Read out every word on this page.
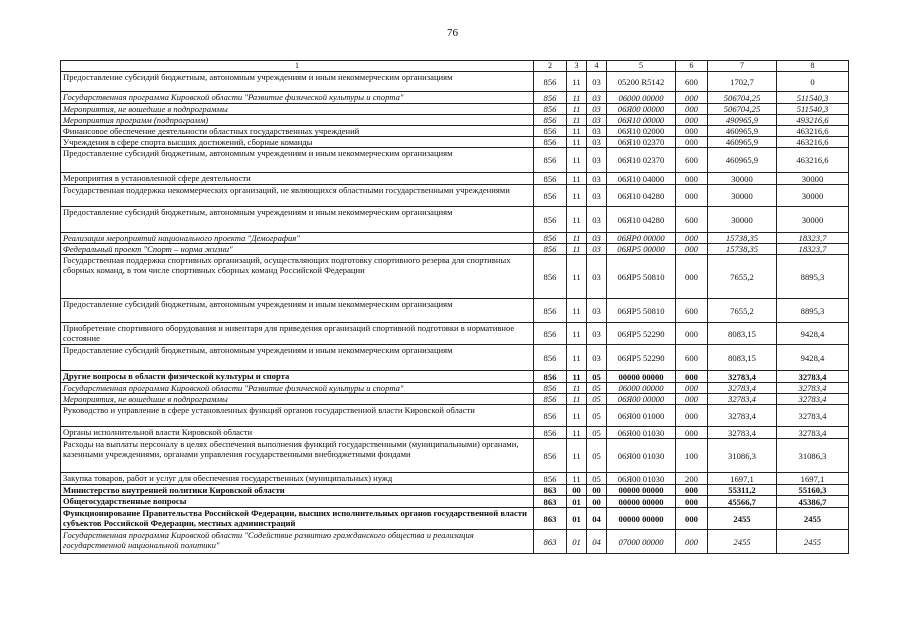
76
1	2	3	4	5	6	7	8
Предоставление субсидий бюджетным, автономным учреждениям и иным некоммерческим организациям	856	11	03	05200 R5142	600	1702,7	0
Государственная программа Кировской области "Развитие физической культуры и спорта"	856	11	03	06000 00000	000	506704,25	511540,3
Мероприятия, не вошедшие в подпрограммы	856	11	03	06Я00 00000	000	506704,25	511540,3
Мероприятия программ (подпрограмм)	856	11	03	06Я10 00000	000	490965,9	493216,6
Финансовое обеспечение деятельности областных государственных учреждений	856	11	03	06Я10 02000	000	460965,9	463216,6
Учреждения в сфере спорта высших достижений, сборные команды	856	11	03	06Я10 02370	000	460965,9	463216,6
Предоставление субсидий бюджетным, автономным учреждениям и иным некоммерческим организациям	856	11	03	06Я10 02370	600	460965,9	463216,6
Мероприятия в установленной сфере деятельности	856	11	03	06Я10 04000	000	30000	30000
Государственная поддержка некоммерческих организаций, не являющихся областными государственными учреждениями	856	11	03	06Я10 04280	000	30000	30000
Предоставление субсидий бюджетным, автономным учреждениям и иным некоммерческим организациям	856	11	03	06Я10 04280	600	30000	30000
Реализация мероприятий национального проекта "Демография"	856	11	03	06ЯР0 00000	000	15738,35	18323,7
Федеральный проект "Спорт – норма жизни"	856	11	03	06ЯР5 00000	000	15738,35	18323,7
Государственная поддержка спортивных организаций, осуществляющих подготовку спортивного резерва для спортивных сборных команд, в том числе спортивных сборных команд Российской Федерации	856	11	03	06ЯР5 50810	000	7655,2	8895,3
Предоставление субсидий бюджетным, автономным учреждениям и иным некоммерческим организациям	856	11	03	06ЯР5 50810	600	7655,2	8895,3
Приобретение спортивного оборудования и инвентаря для приведения организаций спортивной подготовки в нормативное состояние	856	11	03	06ЯР5 52290	000	8083,15	9428,4
Предоставление субсидий бюджетным, автономным учреждениям и иным некоммерческим организациям	856	11	03	06ЯР5 52290	600	8083,15	9428,4
Другие вопросы в области физической культуры и спорта	856	11	05	00000 00000	000	32783,4	32783,4
Государственная программа Кировской области "Развитие физической культуры и спорта"	856	11	05	06000 00000	000	32783,4	32783,4
Мероприятия, не вошедшие в подпрограммы	856	11	05	06Я00 00000	000	32783,4	32783,4
Руководство и управление в сфере установленных функций органов государственной власти Кировской области	856	11	05	06Я00 01000	000	32783,4	32783,4
Органы исполнительной власти Кировской области	856	11	05	06Я00 01030	000	32783,4	32783,4
Расходы на выплаты персоналу в целях обеспечения выполнения функций государственными (муниципальными) органами, казенными учреждениями, органами управления государственными внебюджетными фондами	856	11	05	06Я00 01030	100	31086,3	31086,3
Закупка товаров, работ и услуг для обеспечения государственных (муниципальных) нужд	856	11	05	06Я00 01030	200	1697,1	1697,1
Министерство внутренней политики Кировской области	863	00	00	00000 00000	000	55311,2	55160,3
Общегосударственные вопросы	863	01	00	00000 00000	000	45566,7	45386,7
Функционирование Правительства Российской Федерации, высших исполнительных органов государственной власти субъектов Российской Федерации, местных администраций	863	01	04	00000 00000	000	2455	2455
Государственная программа Кировской области "Содействие развитию гражданского общества и реализация государственной национальной политики"	863	01	04	07000 00000	000	2455	2455
